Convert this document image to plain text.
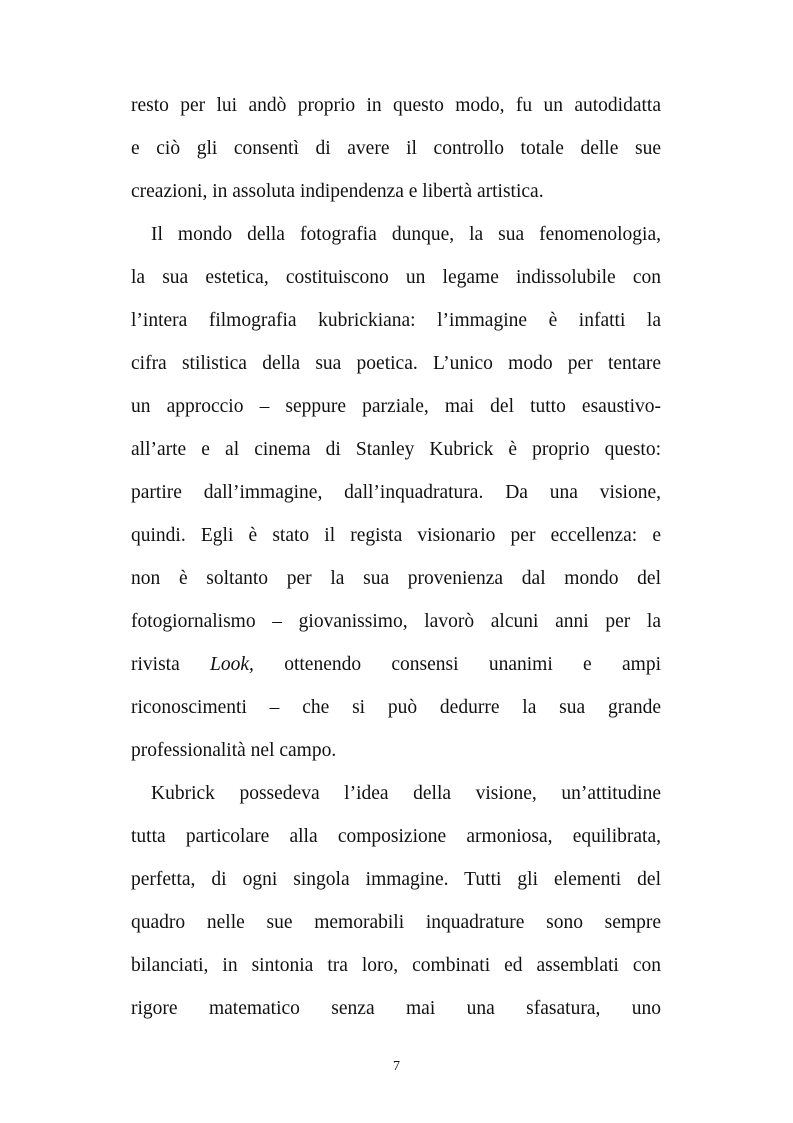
resto per lui andò proprio in questo modo, fu un autodidatta
e ciò gli consentì di avere il controllo totale delle sue
creazioni, in assoluta indipendenza e libertà artistica.
Il mondo della fotografia dunque, la sua fenomenologia,
la sua estetica, costituiscono un legame indissolubile con
l’intera filmografia kubrickiana: l’immagine è infatti la
cifra stilistica della sua poetica. L’unico modo per tentare
un approccio – seppure parziale, mai del tutto esaustivo-
all’arte e al cinema di Stanley Kubrick è proprio questo:
partire dall’immagine, dall’inquadratura. Da una visione,
quindi. Egli è stato il regista visionario per eccellenza: e
non è soltanto per la sua provenienza dal mondo del
fotogiornalismo – giovanissimo, lavorò alcuni anni per la
rivista Look, ottenendo consensi unanimi e ampi
riconoscimenti – che si può dedurre la sua grande
professionalità nel campo.
Kubrick possedeva l’idea della visione, un’attitudine
tutta particolare alla composizione armoniosa, equilibrata,
perfetta, di ogni singola immagine. Tutti gli elementi del
quadro nelle sue memorabili inquadrature sono sempre
bilanciati, in sintonia tra loro, combinati ed assemblati con
rigore matematico senza mai una sfasatura, uno
7
